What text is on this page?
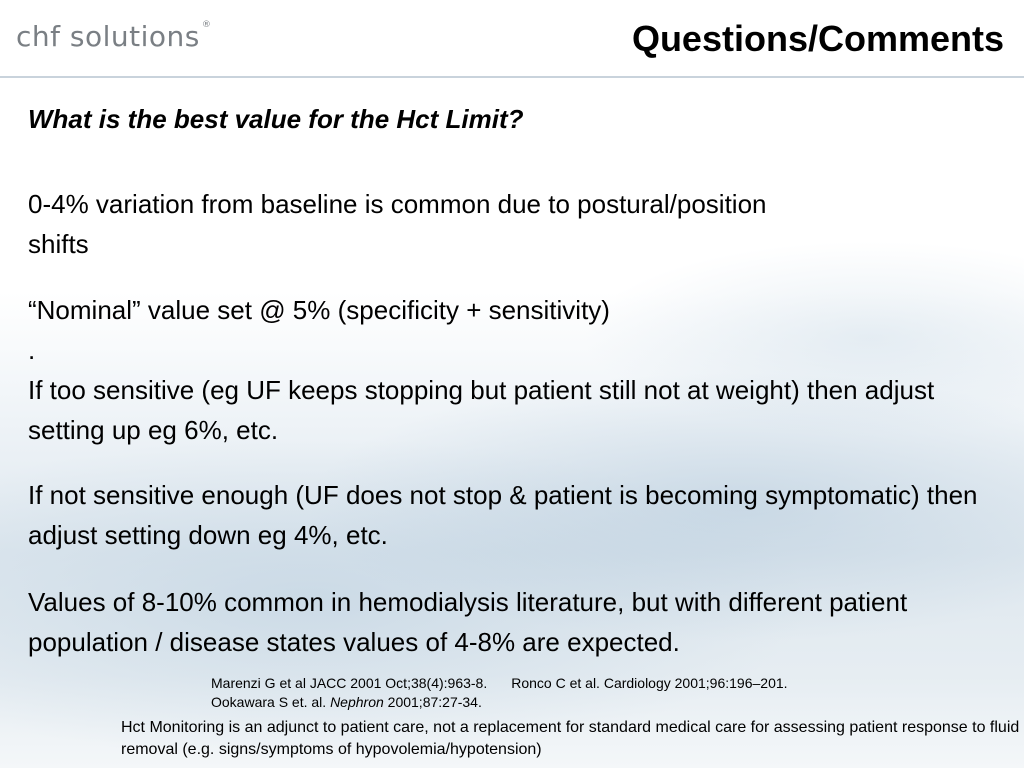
chf solutions ®	Questions/Comments
What is the best value for the Hct Limit?
0-4% variation from baseline is common due to postural/position shifts
“Nominal” value set @ 5% (specificity + sensitivity)
.
If too sensitive (eg UF keeps stopping but patient still not at weight) then adjust setting up eg 6%, etc.
If not sensitive enough (UF does not stop & patient is becoming symptomatic) then adjust setting down eg 4%, etc.
Values of 8-10% common in hemodialysis literature, but with different patient population / disease states values of 4-8% are expected.
Marenzi G et al JACC 2001 Oct;38(4):963-8. Ronco C et al. Cardiology 2001;96:196–201.
Ookawara S et. al. Nephron 2001;87:27-34.
Hct Monitoring is an adjunct to patient care, not a replacement for standard medical care for assessing patient response to fluid removal (e.g. signs/symptoms of hypovolemia/hypotension)
